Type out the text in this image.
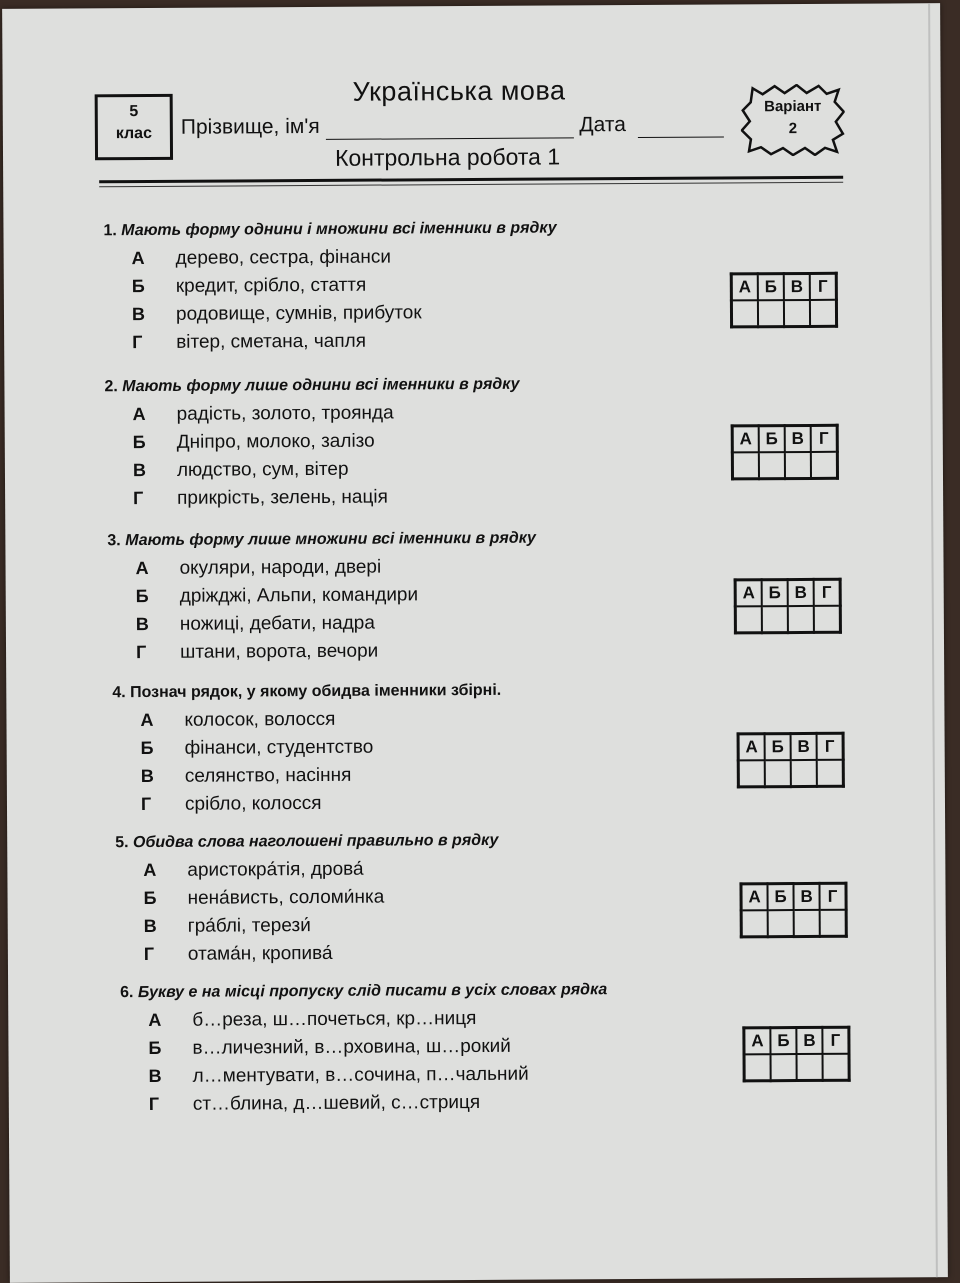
5
клас
Українська мова
Прізвище, ім'я	Дата
Варіант
2
Контрольна робота 1
1. Мають форму однини і множини всі іменники в рядку
А	дерево, сестра, фінанси
Б	кредит, срібло, стаття
В	родовище, сумнів, прибуток
Г	вітер, сметана, чапля
А	Б	В	Г

2. Мають форму лише однини всі іменники в рядку
А	радість, золото, троянда
Б	Дніпро, молоко, залізо
В	людство, сум, вітер
Г	прикрість, зелень, нація
А	Б	В	Г

3. Мають форму лише множини всі іменники в рядку
А	окуляри, народи, двері
Б	дріжджі, Альпи, командири
В	ножиці, дебати, надра
Г	штани, ворота, вечори
А	Б	В	Г

4. Познач рядок, у якому обидва іменники збірні.
А	колосок, волосся
Б	фінанси, студентство
В	селянство, насіння
Г	срібло, колосся
А	Б	В	Г

5. Обидва слова наголошені правильно в рядку
А	аристокра́тія, дрова́
Б	нена́висть, соломи́нка
В	гра́блі, терези́
Г	отама́н, кропива́
А	Б	В	Г

6. Букву е на місці пропуску слід писати в усіх словах рядка
А	б…реза, ш…почеться, кр…ниця
Б	в…личезний, в…рховина, ш…рокий
В	л…ментувати, в…сочина, п…чальний
Г	ст…блина, д…шевий, с…стриця
А	Б	В	Г
